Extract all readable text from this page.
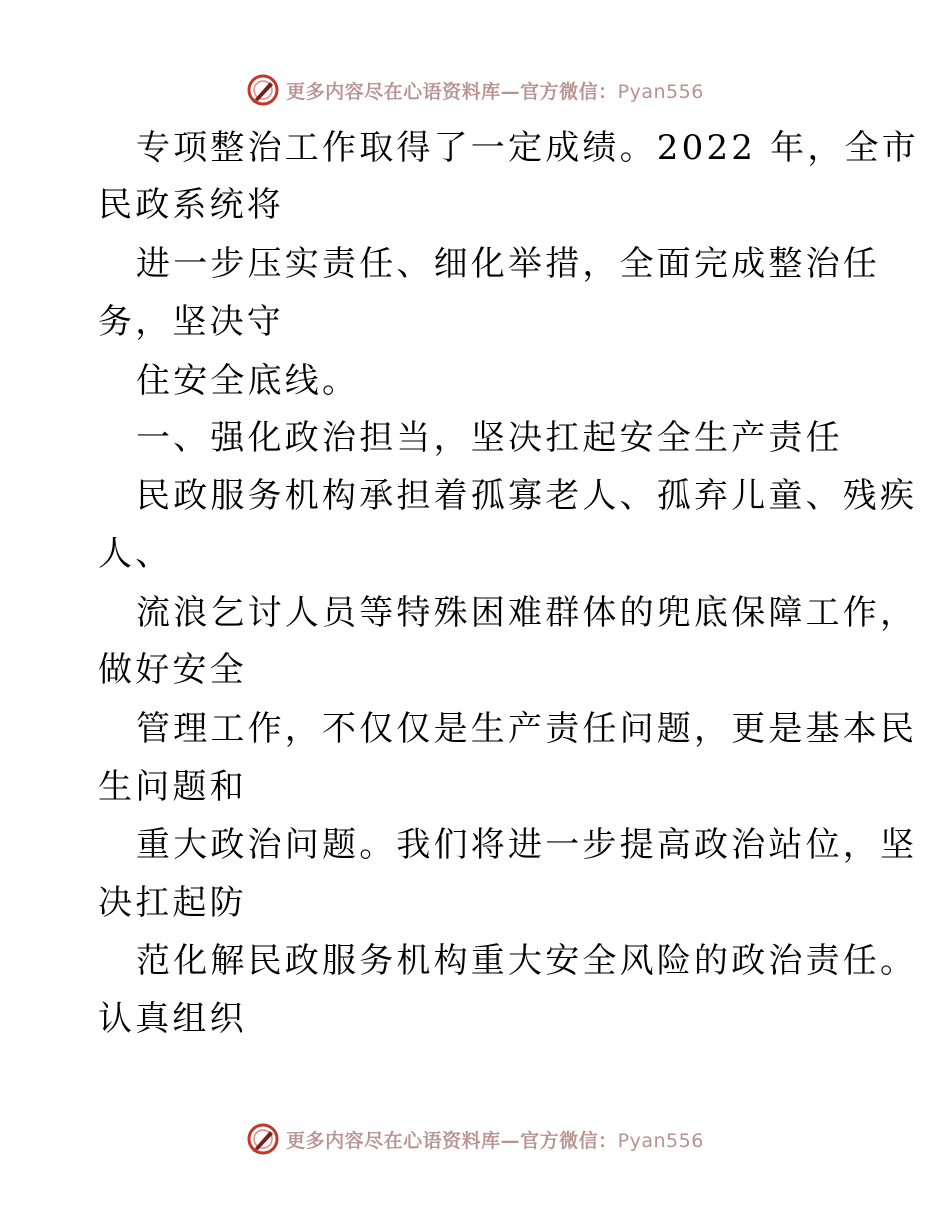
更多内容尽在心语资料库—官方微信：Pyan556
专项整治工作取得了一定成绩。2022 年，全市
民政系统将
进一步压实责任、细化举措，全面完成整治任
务，坚决守
住安全底线。
一、强化政治担当，坚决扛起安全生产责任
民政服务机构承担着孤寡老人、孤弃儿童、残疾
人、
流浪乞讨人员等特殊困难群体的兜底保障工作，
做好安全
管理工作，不仅仅是生产责任问题，更是基本民
生问题和
重大政治问题。我们将进一步提高政治站位，坚
决扛起防
范化解民政服务机构重大安全风险的政治责任。
认真组织
更多内容尽在心语资料库—官方微信：Pyan556
